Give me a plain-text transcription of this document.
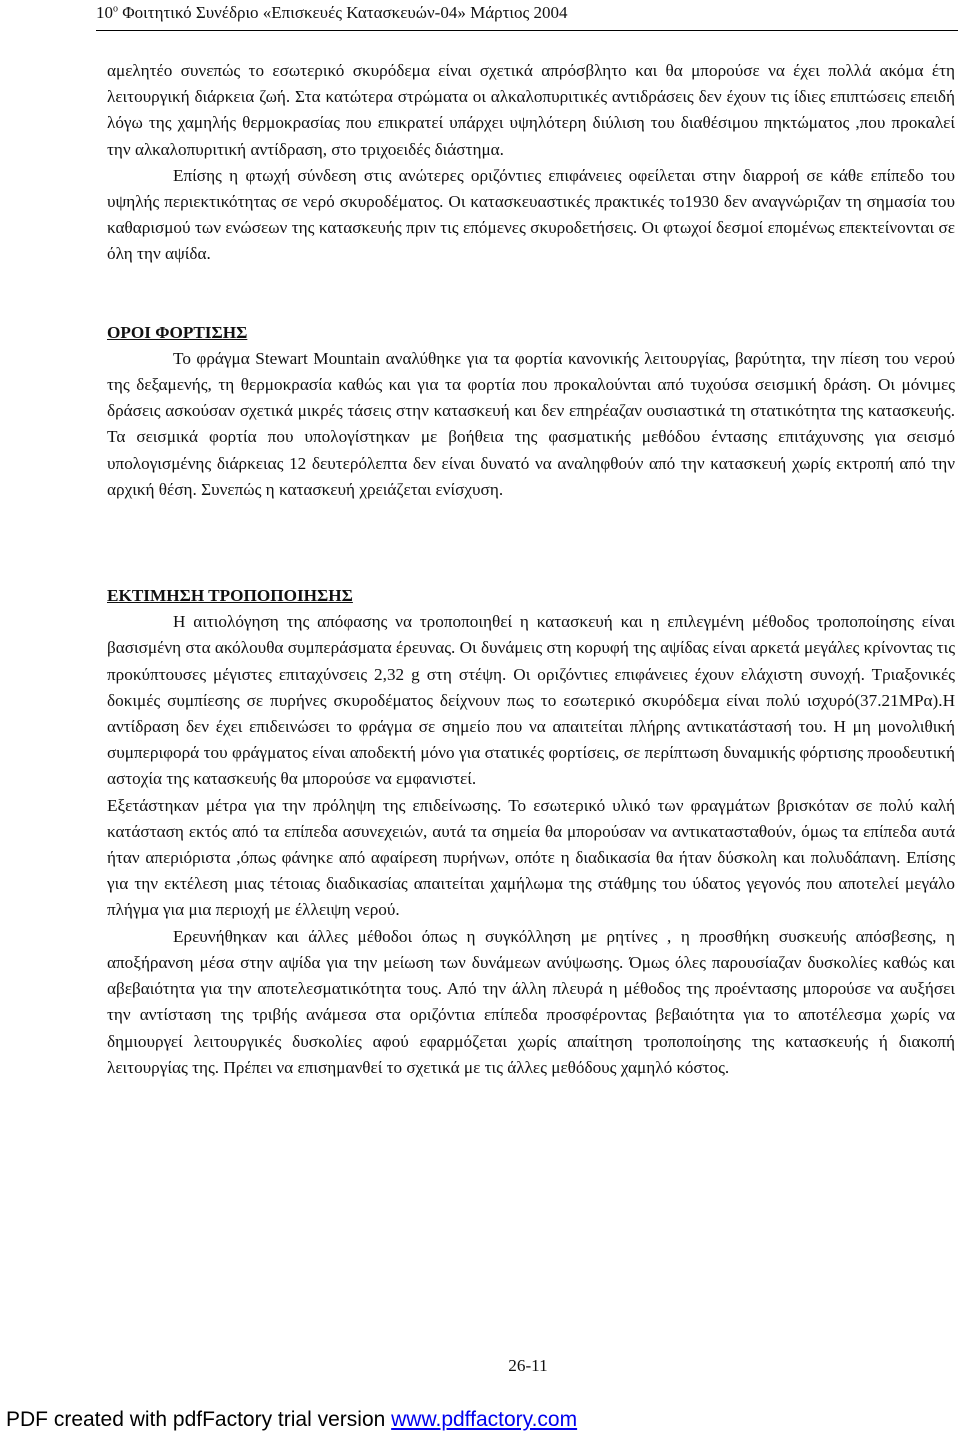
$10^o$ Φοιτητικό Συνέδριο «Επισκευές Κατασκευών-04» Μάρτιος 2004

αμελητέο συνεπώς το εσωτερικό σκυρόδεμα είναι σχετικά απρόσβλητο και θα μπορούσε να έχει πολλά ακόμα έτη λειτουργική διάρκεια ζωή. Στα κατώτερα στρώματα οι αλκαλοπυριτικές αντιδράσεις δεν έχουν τις ίδιες επιπτώσεις επειδή λόγω της χαμηλής θερμοκρασίας που επικρατεί υπάρχει υψηλότερη διύλιση του διαθέσιμου πηκτώματος ,που προκαλεί την αλκαλοπυριτική αντίδραση, στο τριχοειδές διάστημα.

Επίσης η φτωχή σύνδεση στις ανώτερες οριζόντιες επιφάνειες οφείλεται στην διαρροή σε κάθε επίπεδο του υψηλής περιεκτικότητας σε νερό σκυροδέματος. Οι κατασκευαστικές πρακτικές το1930 δεν αναγνώριζαν τη σημασία του καθαρισμού των ενώσεων της κατασκευής πριν τις επόμενες σκυροδετήσεις. Οι φτωχοί δεσμοί επομένως επεκτείνονται σε όλη την αψίδα.

ΟΡΟΙ ΦΟΡΤΙΣΗΣ

Το φράγμα Stewart Mountain αναλύθηκε για τα φορτία κανονικής λειτουργίας, βαρύτητα, την πίεση του νερού της δεξαμενής, τη θερμοκρασία καθώς και για τα φορτία που προκαλούνται από τυχούσα σεισμική δράση. Οι μόνιμες δράσεις ασκούσαν σχετικά μικρές τάσεις στην κατασκευή και δεν επηρέαζαν ουσιαστικά τη στατικότητα της κατασκευής. Τα σεισμικά φορτία που υπολογίστηκαν με βοήθεια της φασματικής μεθόδου έντασης επιτάχυνσης για σεισμό υπολογισμένης διάρκειας 12 δευτερόλεπτα δεν είναι δυνατό να αναληφθούν από την κατασκευή χωρίς εκτροπή από την αρχική θέση. Συνεπώς η κατασκευή χρειάζεται ενίσχυση.

ΕΚΤΙΜΗΣΗ ΤΡΟΠΟΠΟΙΗΣΗΣ

Η αιτιολόγηση της απόφασης να τροποποιηθεί η κατασκευή και η επιλεγμένη μέθοδος τροποποίησης είναι βασισμένη στα ακόλουθα συμπεράσματα έρευνας. Οι δυνάμεις στη κορυφή της αψίδας είναι αρκετά μεγάλες κρίνοντας τις προκύπτουσες μέγιστες επιταχύνσεις 2,32 g στη στέψη. Οι οριζόντιες επιφάνειες έχουν ελάχιστη συνοχή. Τριαξονικές δοκιμές συμπίεσης σε πυρήνες σκυροδέματος δείχνουν πως το εσωτερικό σκυρόδεμα είναι πολύ ισχυρό(37.21MPα).Η αντίδραση δεν έχει επιδεινώσει το φράγμα σε σημείο που να απαιτείται πλήρης αντικατάστασή του. Η μη μονολιθική συμπεριφορά του φράγματος είναι αποδεκτή μόνο για στατικές φορτίσεις, σε περίπτωση δυναμικής φόρτισης προοδευτική αστοχία της κατασκευής θα μπορούσε να εμφανιστεί.

Εξετάστηκαν μέτρα για την πρόληψη της επιδείνωσης. Το εσωτερικό υλικό των φραγμάτων βρισκόταν σε πολύ καλή κατάσταση εκτός από τα επίπεδα ασυνεχειών, αυτά τα σημεία θα μπορούσαν να αντικατασταθούν, όμως τα επίπεδα αυτά ήταν απεριόριστα ,όπως φάνηκε από αφαίρεση πυρήνων, οπότε η διαδικασία θα ήταν δύσκολη και πολυδάπανη. Επίσης για την εκτέλεση μιας τέτοιας διαδικασίας απαιτείται χαμήλωμα της στάθμης του ύδατος γεγονός που αποτελεί μεγάλο πλήγμα για μια περιοχή με έλλειψη νερού.

Ερευνήθηκαν και άλλες μέθοδοι όπως η συγκόλληση με ρητίνες , η προσθήκη συσκευής απόσβεσης, η αποξήρανση μέσα στην αψίδα για την μείωση των δυνάμεων ανύψωσης. Όμως όλες παρουσίαζαν δυσκολίες καθώς και αβεβαιότητα για την αποτελεσματικότητα τους. Από την άλλη πλευρά η μέθοδος της προέντασης μπορούσε να αυξήσει την αντίσταση της τριβής ανάμεσα στα οριζόντια επίπεδα προσφέροντας βεβαιότητα για το αποτέλεσμα χωρίς να δημιουργεί λειτουργικές δυσκολίες αφού εφαρμόζεται χωρίς απαίτηση τροποποίησης της κατασκευής ή διακοπή λειτουργίας της. Πρέπει να επισημανθεί το σχετικά με τις άλλες μεθόδους χαμηλό κόστος.

26-11
PDF created with pdfFactory trial version www.pdffactory.com
